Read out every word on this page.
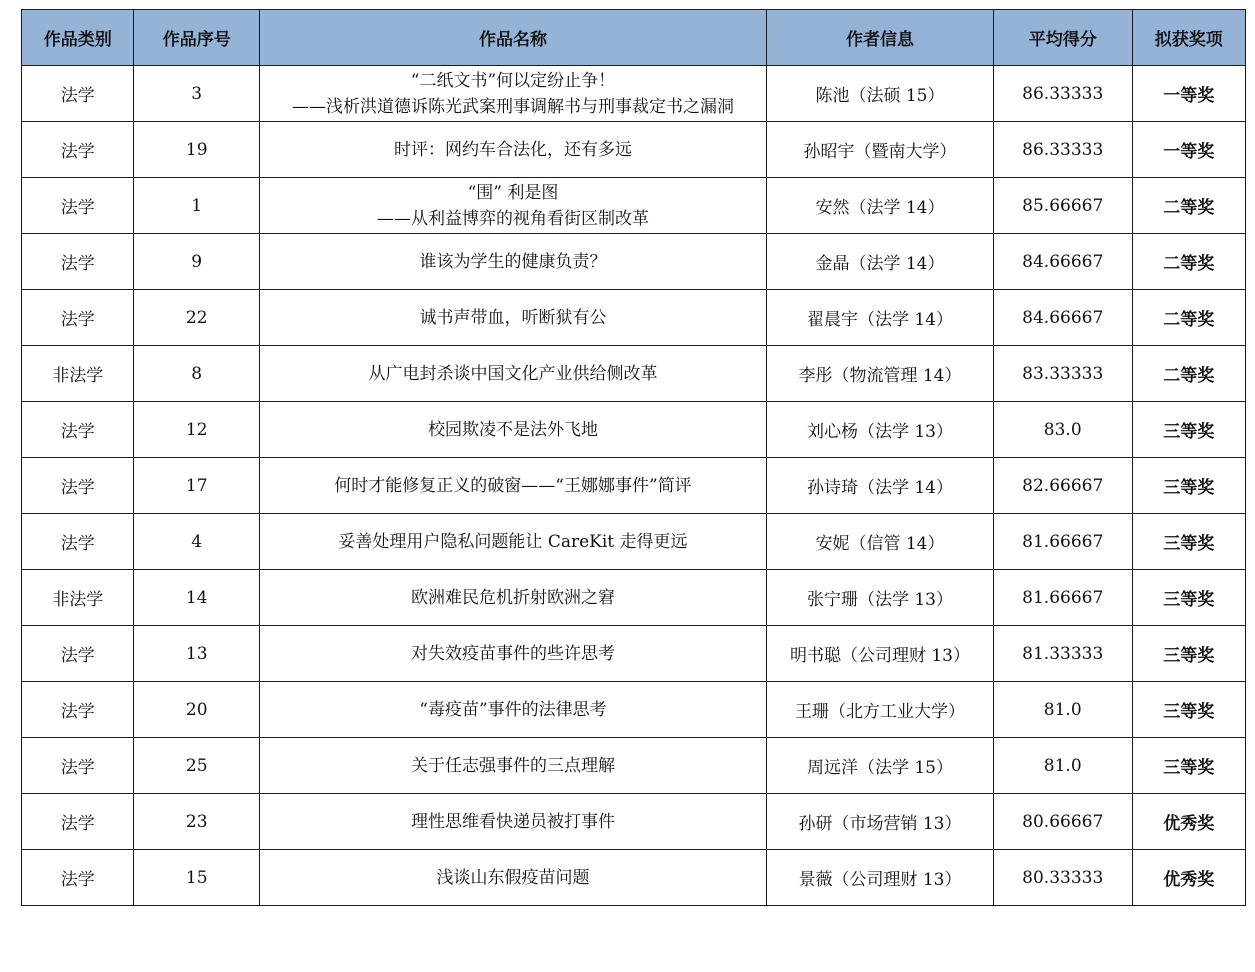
作品类别	作品序号	作品名称	作者信息	平均得分	拟获奖项
法学	3	“二纸文书”何以定纷止争！
——浅析洪道德诉陈光武案刑事调解书与刑事裁定书之漏洞	陈池（法硕 15）	86.33333	一等奖
法学	19	时评：网约车合法化，还有多远	孙昭宇（暨南大学）	86.33333	一等奖
法学	1	“围” 利是图
——从利益博弈的视角看街区制改革	安然（法学 14）	85.66667	二等奖
法学	9	谁该为学生的健康负责？	金晶（法学 14）	84.66667	二等奖
法学	22	诚书声带血，听断狱有公	翟晨宇（法学 14）	84.66667	二等奖
非法学	8	从广电封杀谈中国文化产业供给侧改革	李彤（物流管理 14）	83.33333	二等奖
法学	12	校园欺凌不是法外飞地	刘心杨（法学 13）	83.0	三等奖
法学	17	何时才能修复正义的破窗——“王娜娜事件”简评	孙诗琦（法学 14）	82.66667	三等奖
法学	4	妥善处理用户隐私问题能让 CareKit 走得更远	安妮（信管 14）	81.66667	三等奖
非法学	14	欧洲难民危机折射欧洲之窘	张宁珊（法学 13）	81.66667	三等奖
法学	13	对失效疫苗事件的些许思考	明书聪（公司理财 13）	81.33333	三等奖
法学	20	“毒疫苗”事件的法律思考	王珊（北方工业大学）	81.0	三等奖
法学	25	关于任志强事件的三点理解	周远洋（法学 15）	81.0	三等奖
法学	23	理性思维看快递员被打事件	孙研（市场营销 13）	80.66667	优秀奖
法学	15	浅谈山东假疫苗问题	景薇（公司理财 13）	80.33333	优秀奖
